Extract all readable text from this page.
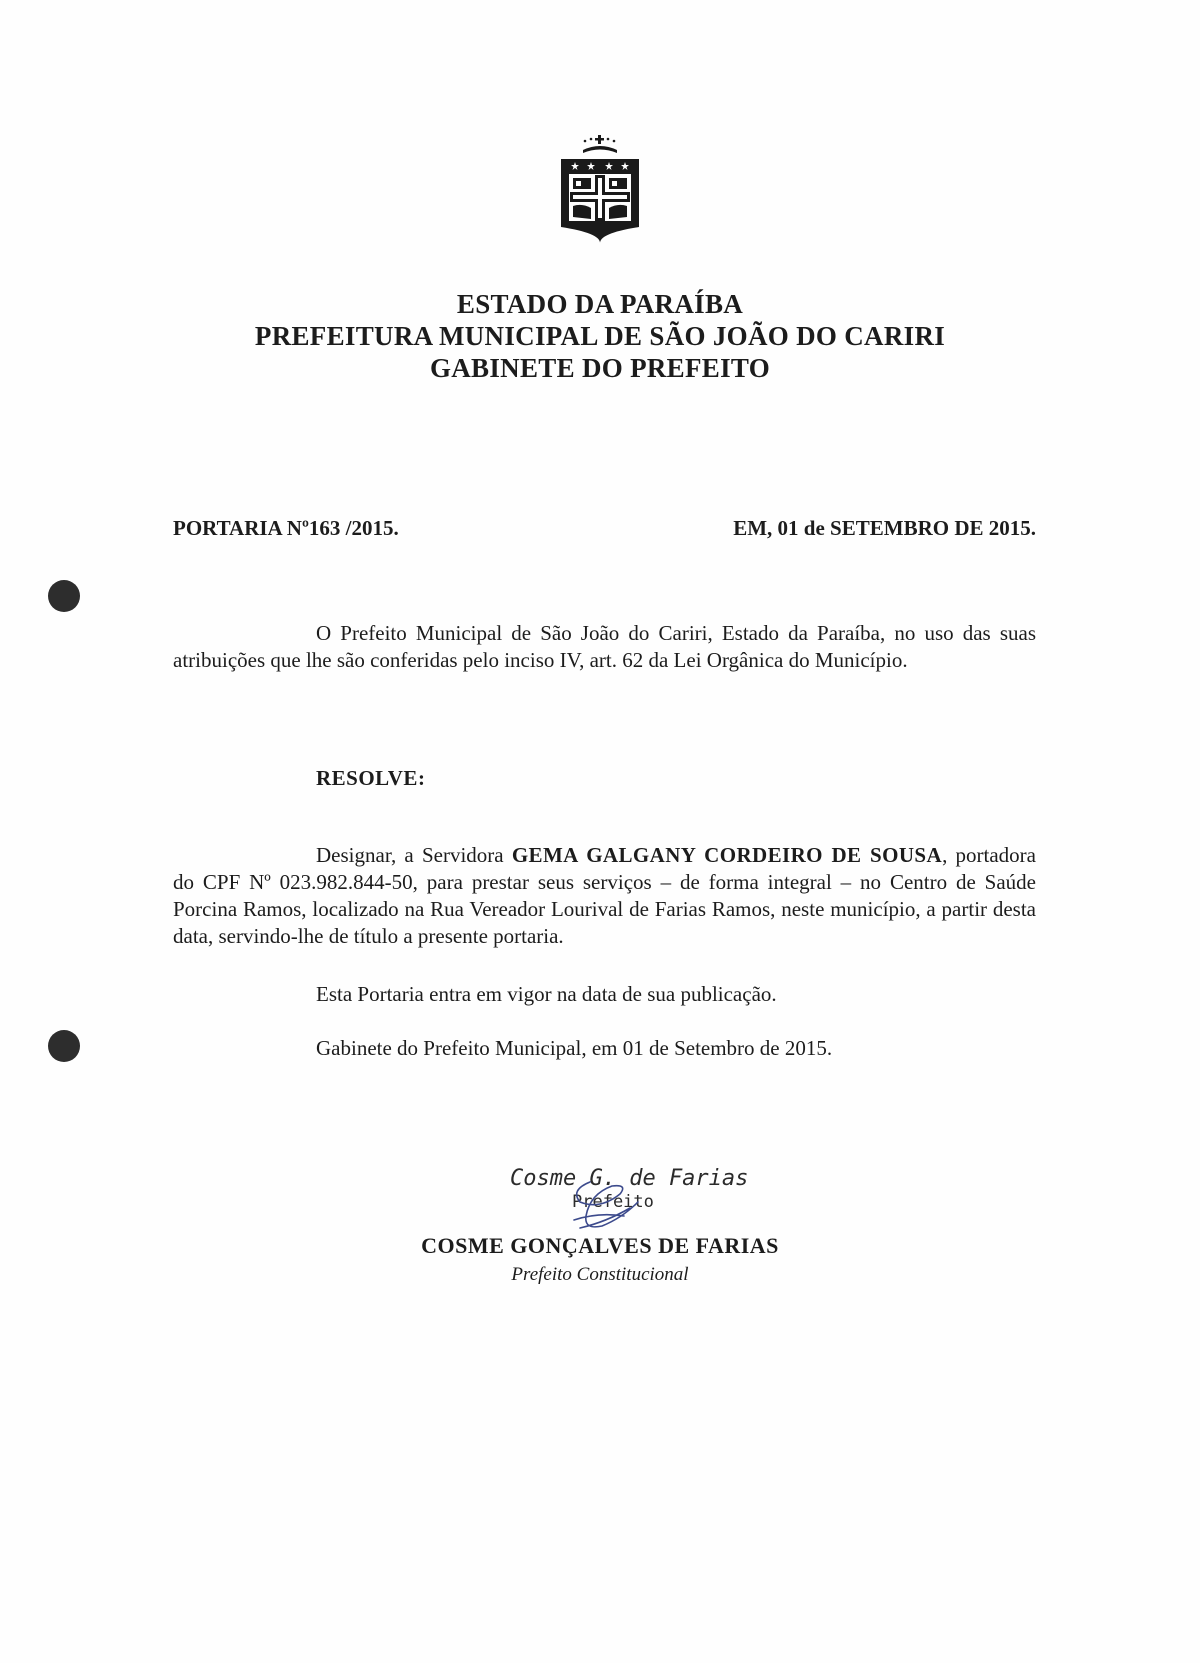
ESTADO DA PARAÍBA
PREFEITURA MUNICIPAL DE SÃO JOÃO DO CARIRI
GABINETE DO PREFEITO
PORTARIA Nº163 /2015.	EM, 01 de SETEMBRO DE 2015.
O Prefeito Municipal de São João do Cariri, Estado da Paraíba, no uso das suas atribuições que lhe são conferidas pelo inciso IV, art. 62 da Lei Orgânica do Município.
RESOLVE:
Designar, a Servidora GEMA GALGANY CORDEIRO DE SOUSA, portadora do CPF Nº 023.982.844-50, para prestar seus serviços – de forma integral – no Centro de Saúde Porcina Ramos, localizado na Rua Vereador Lourival de Farias Ramos, neste município, a partir desta data, servindo-lhe de título a presente portaria.
Esta Portaria entra em vigor na data de sua publicação.
Gabinete do Prefeito Municipal, em 01 de Setembro de 2015.
Cosme G. de Farias
Prefeito
COSME GONÇALVES DE FARIAS
Prefeito Constitucional
